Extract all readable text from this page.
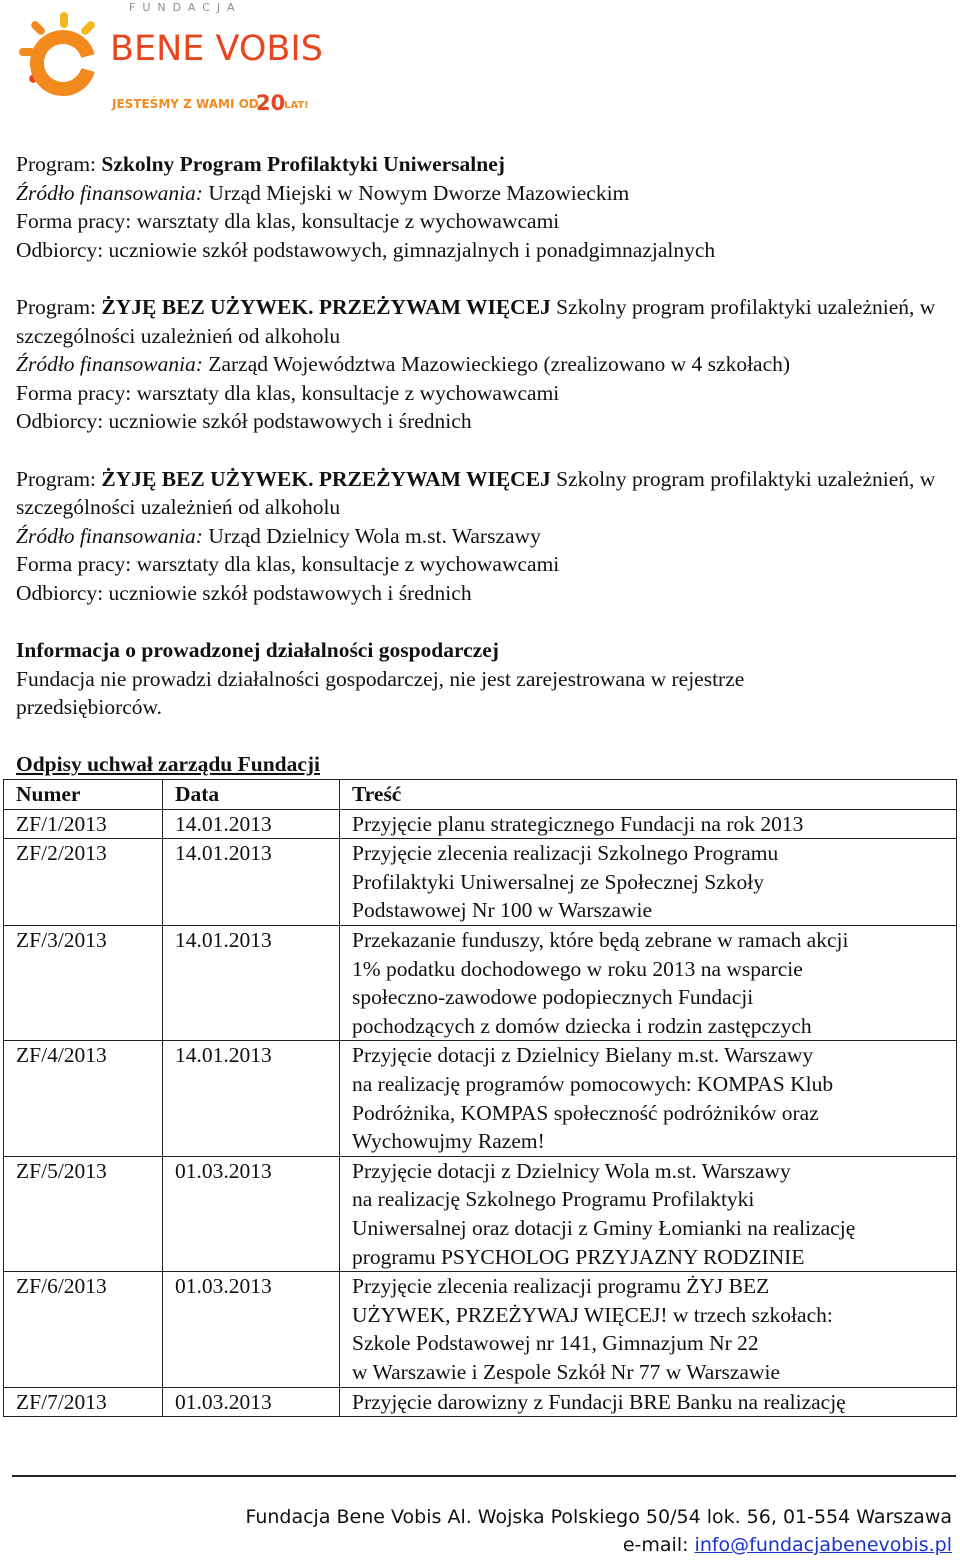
FUNDACJA
BENE VOBIS
JESTEŚMY Z WAMI OD
20
LAT!
Program: Szkolny Program Profilaktyki Uniwersalnej
Źródło finansowania: Urząd Miejski w Nowym Dworze Mazowieckim
Forma pracy: warsztaty dla klas, konsultacje z wychowawcami
Odbiorcy: uczniowie szkół podstawowych, gimnazjalnych i ponadgimnazjalnych
Program: ŻYJĘ BEZ UŻYWEK. PRZEŻYWAM WIĘCEJ Szkolny program profilaktyki uzależnień, w szczególności uzależnień od alkoholu
Źródło finansowania: Zarząd Województwa Mazowieckiego (zrealizowano w 4 szkołach)
Forma pracy: warsztaty dla klas, konsultacje z wychowawcami
Odbiorcy: uczniowie szkół podstawowych i średnich
Program: ŻYJĘ BEZ UŻYWEK. PRZEŻYWAM WIĘCEJ Szkolny program profilaktyki uzależnień, w szczególności uzależnień od alkoholu
Źródło finansowania: Urząd Dzielnicy Wola m.st. Warszawy
Forma pracy: warsztaty dla klas, konsultacje z wychowawcami
Odbiorcy: uczniowie szkół podstawowych i średnich
Informacja o prowadzonej działalności gospodarczej
Fundacja nie prowadzi działalności gospodarczej, nie jest zarejestrowana w rejestrze przedsiębiorców.
Odpisy uchwał zarządu Fundacji
Numer	Data	Treść
ZF/1/2013	14.01.2013	Przyjęcie planu strategicznego Fundacji na rok 2013

ZF/2/2013	14.01.2013	Przyjęcie zlecenia realizacji Szkolnego Programu
Profilaktyki Uniwersalnej ze Społecznej Szkoły
Podstawowej Nr 100 w Warszawie

ZF/3/2013	14.01.2013	Przekazanie funduszy, które będą zebrane w ramach akcji
1% podatku dochodowego w roku 2013 na wsparcie
społeczno-zawodowe podopiecznych Fundacji
pochodzących z domów dziecka i rodzin zastępczych

ZF/4/2013	14.01.2013	Przyjęcie dotacji z Dzielnicy Bielany m.st. Warszawy
na realizację programów pomocowych: KOMPAS Klub
Podróżnika, KOMPAS społeczność podróżników oraz
Wychowujmy Razem!

ZF/5/2013	01.03.2013	Przyjęcie dotacji z Dzielnicy Wola m.st. Warszawy
na realizację Szkolnego Programu Profilaktyki
Uniwersalnej oraz dotacji z Gminy Łomianki na realizację
programu PSYCHOLOG PRZYJAZNY RODZINIE

ZF/6/2013	01.03.2013	Przyjęcie zlecenia realizacji programu ŻYJ BEZ
UŻYWEK, PRZEŻYWAJ WIĘCEJ! w trzech szkołach:
Szkole Podstawowej nr 141, Gimnazjum Nr 22
w Warszawie i Zespole Szkół Nr 77 w Warszawie

ZF/7/2013	01.03.2013	Przyjęcie darowizny z Fundacji BRE Banku na realizację
Fundacja Bene Vobis Al. Wojska Polskiego 50/54 lok. 56, 01-554 Warszawa
e-mail: info@fundacjabenevobis.pl
